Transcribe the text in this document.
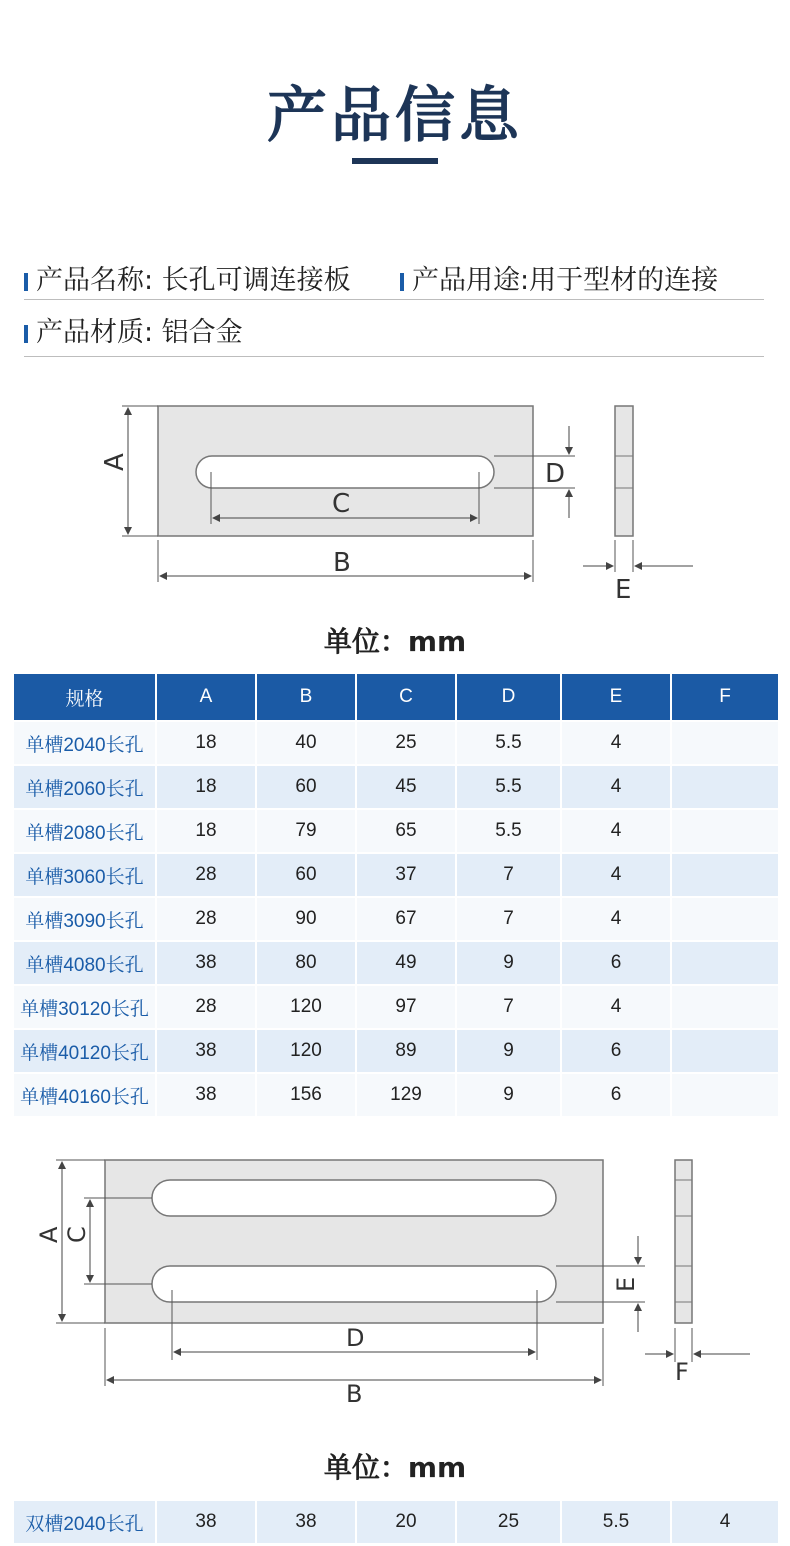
产品信息
产品名称: 长孔可调连接板	产品用途:用于型材的连接
产品材质: 铝合金
A
B
C
D
E
单位：mm
规格	A	B	C	D	E	F
单槽2040长孔	18	40	25	5.5	4	
单槽2060长孔	18	60	45	5.5	4	
单槽2080长孔	18	79	65	5.5	4	
单槽3060长孔	28	60	37	7	4	
单槽3090长孔	28	90	67	7	4	
单槽4080长孔	38	80	49	9	6	
单槽30120长孔	28	120	97	7	4	
单槽40120长孔	38	120	89	9	6	
单槽40160长孔	38	156	129	9	6	
A C
D
B
E
F
单位：mm
双槽2040长孔	38	38	20	25	5.5	4
